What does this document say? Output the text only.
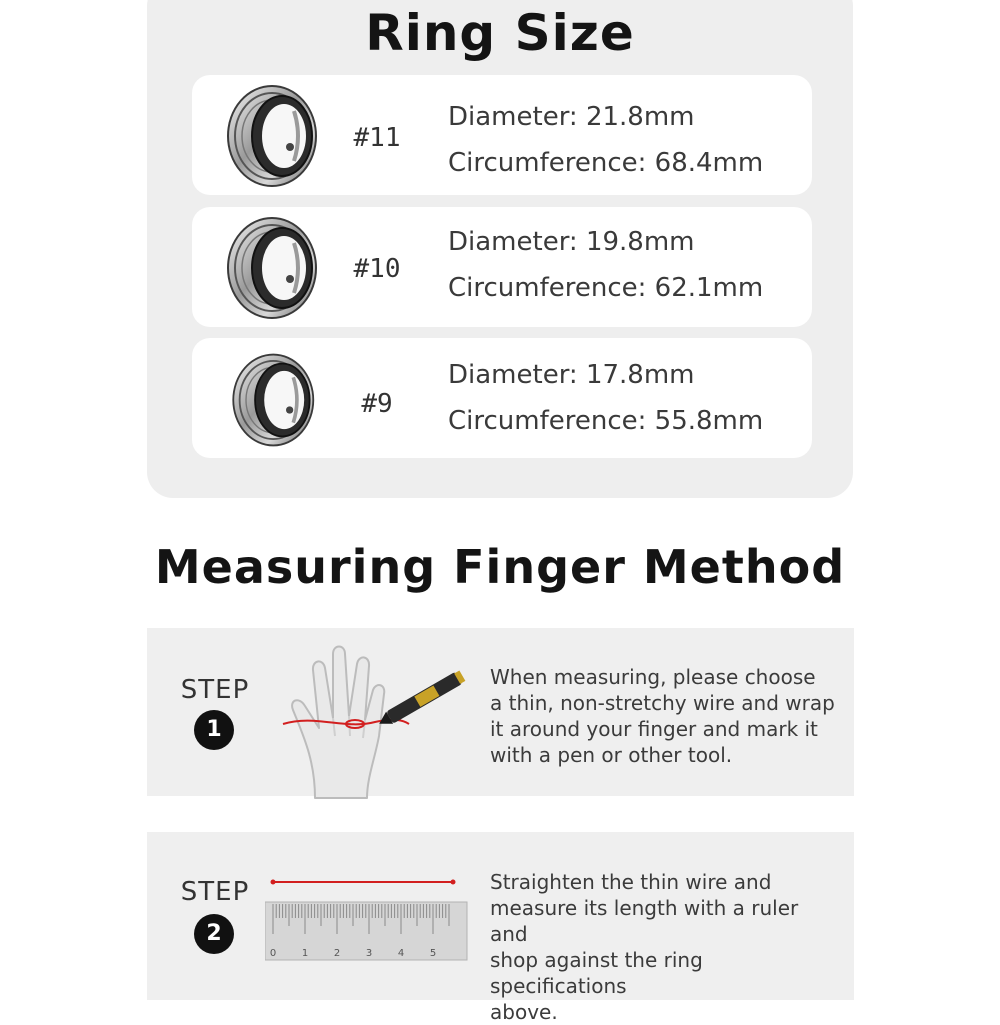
Ring Size
#11
Diameter: 21.8mm
Circumference: 68.4mm
#10
Diameter: 19.8mm
Circumference: 62.1mm
#9
Diameter: 17.8mm
Circumference: 55.8mm
Measuring Finger Method
STEP
1
When measuring, please choose
a thin, non-stretchy wire and wrap
it around your finger and mark it
with a pen or other tool.
STEP
2
0	1	2	3	4	5
Straighten the thin wire and
measure its length with a ruler and
shop against the ring specifications
above.
